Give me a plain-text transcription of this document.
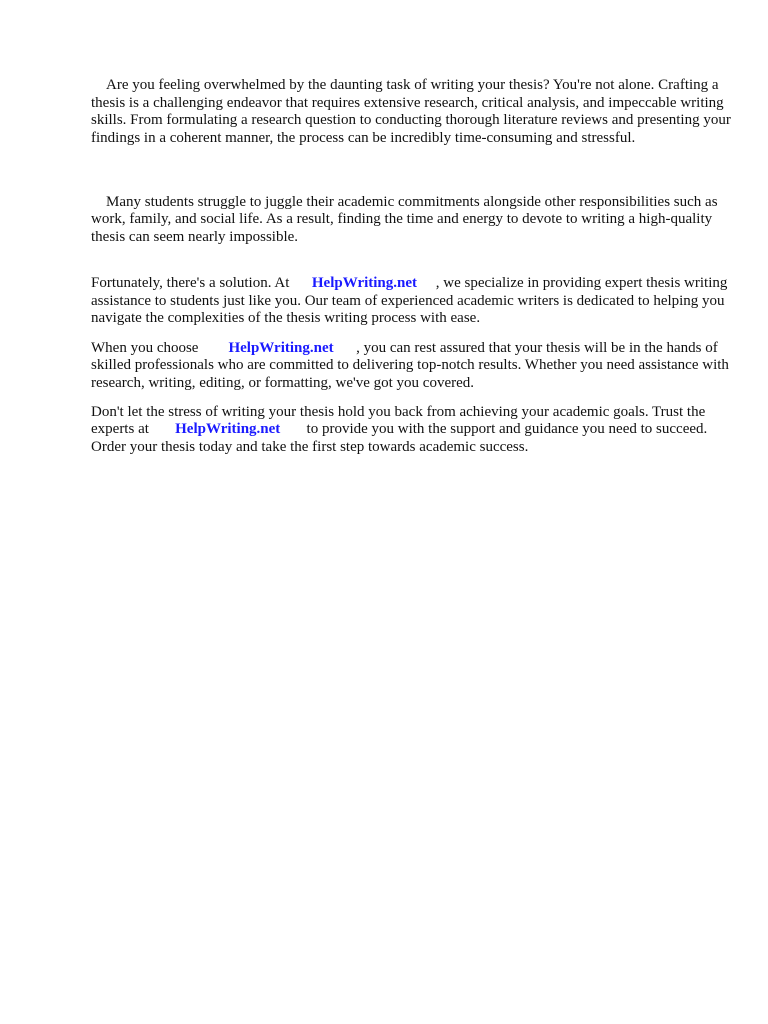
Are you feeling overwhelmed by the daunting task of writing your thesis? You're not alone. Crafting a thesis is a challenging endeavor that requires extensive research, critical analysis, and impeccable writing skills. From formulating a research question to conducting thorough literature reviews and presenting your findings in a coherent manner, the process can be incredibly time-consuming and stressful.

Many students struggle to juggle their academic commitments alongside other responsibilities such as work, family, and social life. As a result, finding the time and energy to devote to writing a high-quality thesis can seem nearly impossible.

Fortunately, there's a solution. At      HelpWriting.net     , we specialize in providing expert thesis writing assistance to students just like you. Our team of experienced academic writers is dedicated to helping you navigate the complexities of the thesis writing process with ease.

When you choose        HelpWriting.net      , you can rest assured that your thesis will be in the hands of skilled professionals who are committed to delivering top-notch results. Whether you need assistance with research, writing, editing, or formatting, we've got you covered.

Don't let the stress of writing your thesis hold you back from achieving your academic goals. Trust the experts at       HelpWriting.net       to provide you with the support and guidance you need to succeed. Order your thesis today and take the first step towards academic success.
